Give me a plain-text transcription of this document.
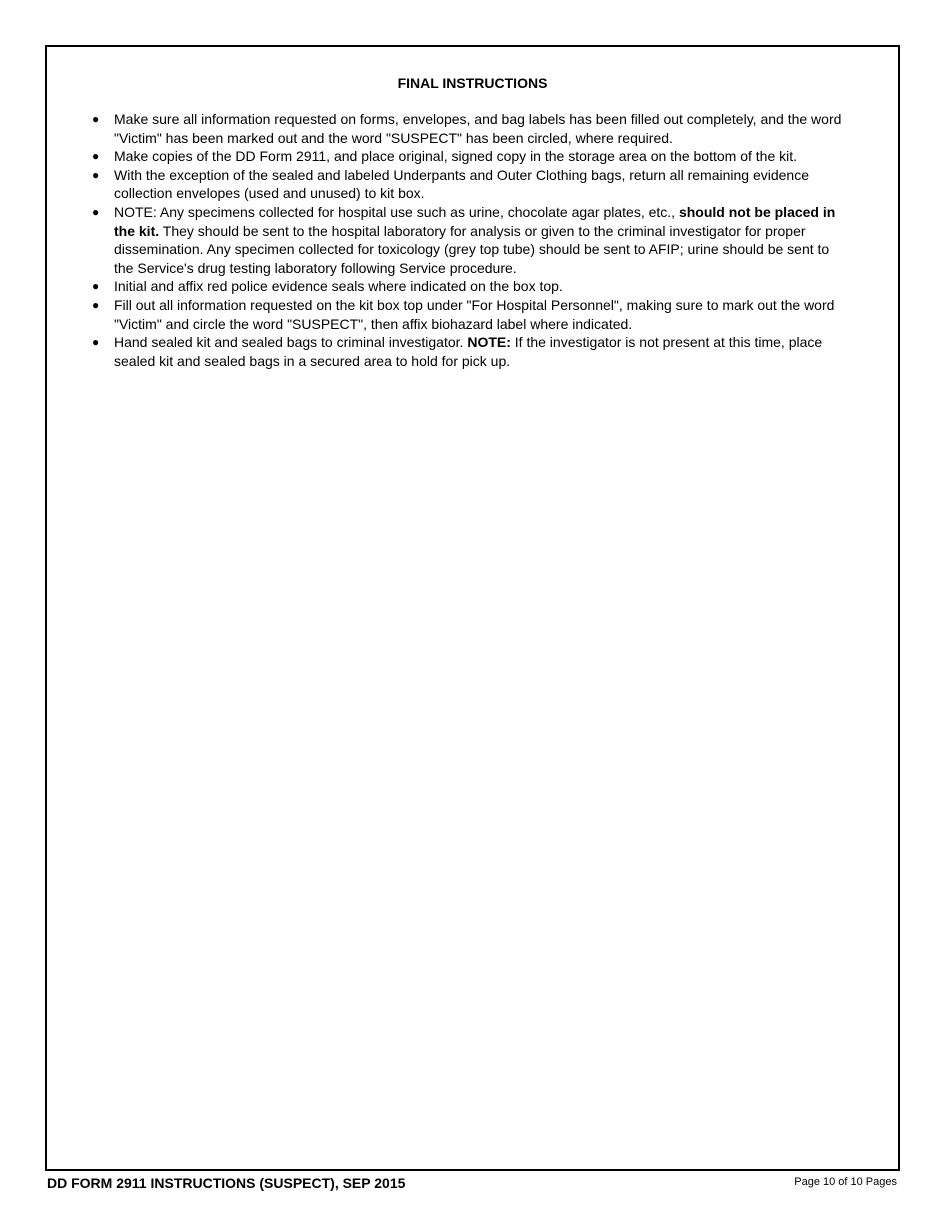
FINAL INSTRUCTIONS
● Make sure all information requested on forms, envelopes, and bag labels has been filled out completely, and the word "Victim" has been marked out and the word "SUSPECT" has been circled, where required.
● Make copies of the DD Form 2911, and place original, signed copy in the storage area on the bottom of the kit.
● With the exception of the sealed and labeled Underpants and Outer Clothing bags, return all remaining evidence collection envelopes (used and unused) to kit box.
● NOTE: Any specimens collected for hospital use such as urine, chocolate agar plates, etc., should not be placed in the kit. They should be sent to the hospital laboratory for analysis or given to the criminal investigator for proper dissemination. Any specimen collected for toxicology (grey top tube) should be sent to AFIP; urine should be sent to the Service's drug testing laboratory following Service procedure.
● Initial and affix red police evidence seals where indicated on the box top.
● Fill out all information requested on the kit box top under "For Hospital Personnel", making sure to mark out the word "Victim" and circle the word "SUSPECT", then affix biohazard label where indicated.
● Hand sealed kit and sealed bags to criminal investigator. NOTE: If the investigator is not present at this time, place sealed kit and sealed bags in a secured area to hold for pick up.
DD FORM 2911 INSTRUCTIONS (SUSPECT), SEP 2015	Page 10 of 10 Pages
